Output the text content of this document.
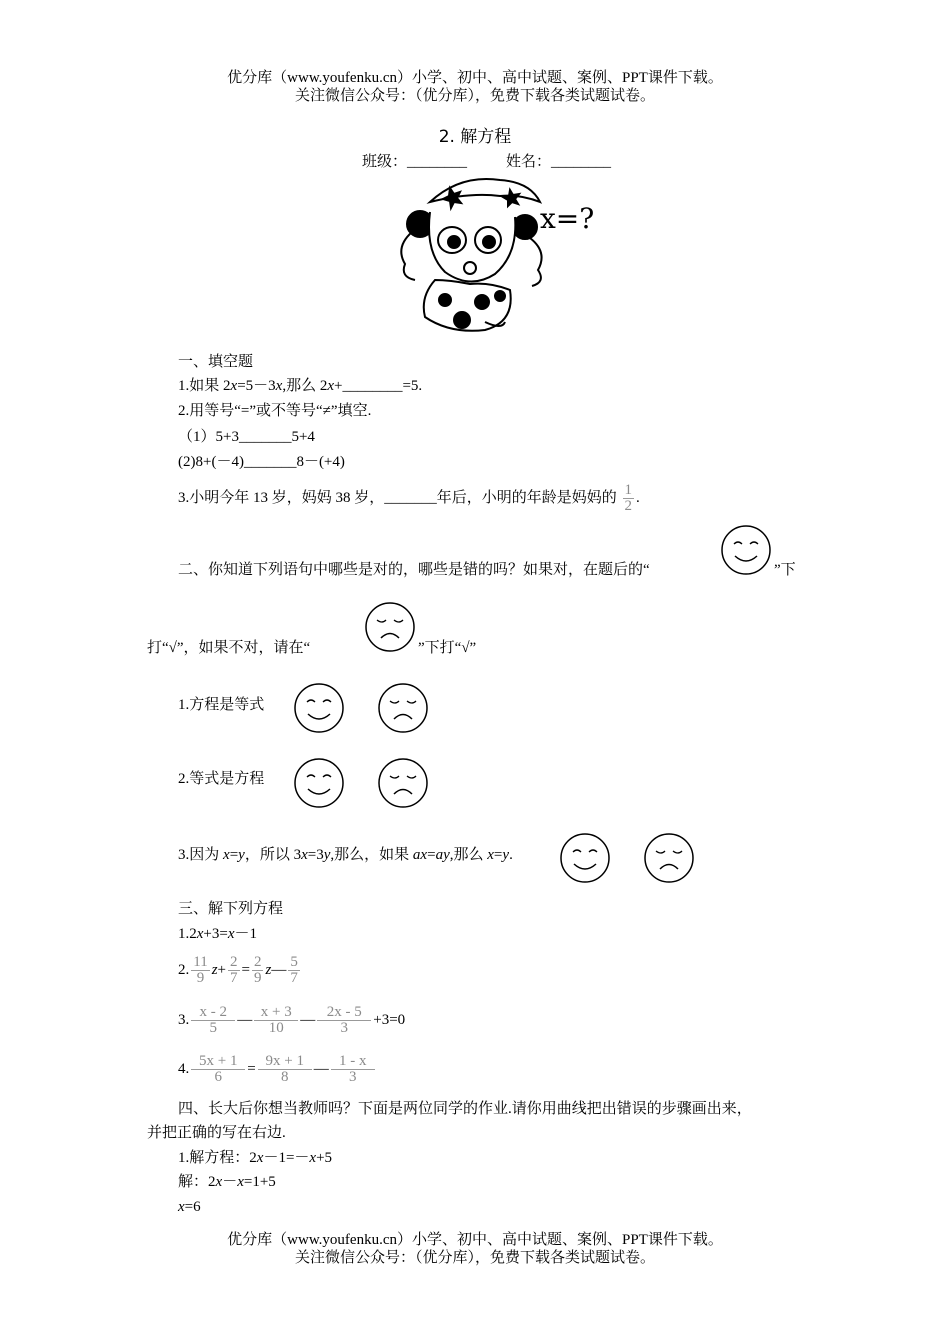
优分库（www.youfenku.cn）小学、初中、高中试题、案例、PPT课件下载。
关注微信公众号：（优分库），免费下载各类试题试卷。
2. 解方程
班级：________	姓名：________
x=?
一、填空题
1.如果 2x=5－3x,那么 2x+________=5.
2.用等号“=”或不等号“≠”填空.
（1）5+3_______5+4
(2)8+(－4)_______8－(+4)
3.小明今年 13 岁，妈妈 38 岁，_______年后，小明的年龄是妈妈的 $\frac{1}{2}$ .
二、你知道下列语句中哪些是对的，哪些是错的吗？如果对，在题后的“	”下
打“√”，如果不对，请在“	”下打“√”
1.方程是等式
2.等式是方程
3.因为 x=y，所以 3x=3y,那么，如果 ax=ay,那么 x=y.
三、解下列方程
1.2x+3=x－1
2. $\frac{11}{9} z+ \frac{2}{7} = \frac{2}{9}$ z— $\frac{5}{7}$
3. $\frac{x - 2}{5}$ — $\frac{x + 3}{10}$ — $\frac{2x - 5}{3} +3=0$
4. $\frac{5x + 1}{6} = \frac{9x + 1}{8}$ — $\frac{1 - x}{3}$
四、长大后你想当教师吗？下面是两位同学的作业.请你用曲线把出错误的步骤画出来，
并把正确的写在右边.
1.解方程：2x－1=－x+5
解：2x－x=1+5
x=6
优分库（www.youfenku.cn）小学、初中、高中试题、案例、PPT课件下载。
关注微信公众号：（优分库），免费下载各类试题试卷。
